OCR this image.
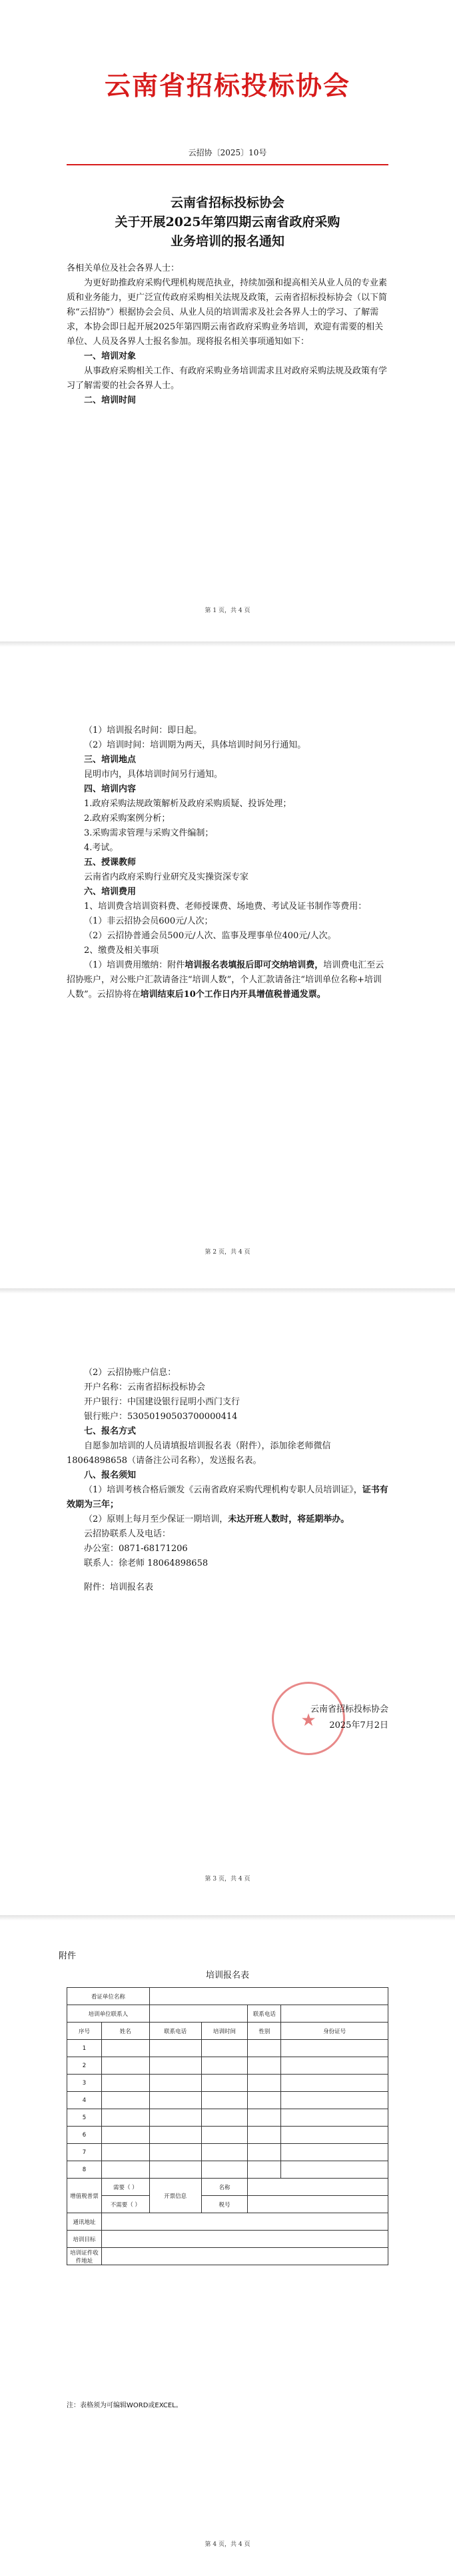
云南省招标投标协会
云招协〔2025〕10号
云南省招标投标协会
关于开展2025年第四期云南省政府采购
业务培训的报名通知

各相关单位及社会各界人士：

为更好助推政府采购代理机构规范执业，持续加强和提高相关从业人员的专业素质和业务能力，更广泛宣传政府采购相关法规及政策，云南省招标投标协会（以下简称“云招协”）根据协会会员、从业人员的培训需求及社会各界人士的学习、了解需求，本协会即日起开展2025年第四期云南省政府采购业务培训，欢迎有需要的相关单位、人员及各界人士报名参加。现将报名相关事项通知如下：

一、培训对象

从事政府采购相关工作、有政府采购业务培训需求且对政府采购法规及政策有学习了解需要的社会各界人士。

二、培训时间

第 1 页，共 4 页

（1）培训报名时间：即日起。

（2）培训时间：培训期为两天，具体培训时间另行通知。

三、培训地点

昆明市内，具体培训时间另行通知。

四、培训内容

1.政府采购法规政策解析及政府采购质疑、投诉处理；

2.政府采购案例分析；

3.采购需求管理与采购文件编制；

4.考试。

五、授课教师

云南省内政府采购行业研究及实操资深专家

六、培训费用

1、培训费含培训资料费、老师授课费、场地费、考试及证书制作等费用：

（1）非云招协会员600元/人次；

（2）云招协普通会员500元/人次、监事及理事单位400元/人次。

2、缴费及相关事项

（1）培训费用缴纳：附件培训报名表填报后即可交纳培训费，培训费电汇至云招协账户，对公账户汇款请备注“培训人数”，个人汇款请备注“培训单位名称+培训人数”。云招协将在培训结束后10个工作日内开具增值税普通发票。

第 2 页，共 4 页

（2）云招协账户信息：

开户名称：云南省招标投标协会

开户银行：中国建设银行昆明小西门支行

银行账户：53050190503700000414

七、报名方式

自愿参加培训的人员请填报培训报名表（附件），添加徐老师微信18064898658（请备注公司名称），发送报名表。

八、报名须知

（1）培训考核合格后颁发《云南省政府采购代理机构专职人员培训证》，证书有效期为三年；

（2）原则上每月至少保证一期培训，未达开班人数时，将延期举办。

云招协联系人及电话：

办公室：0871-68171206

联系人：徐老师 18064898658

附件：培训报名表

★
云南省招标投标协会
2025年7月2日
第 3 页，共 4 页
附件
培训报名表
看证单位名称					
培训单位联系人				联系电话	
序号	姓名	联系电话	培训时间	性别	身份证号
1					
2					
3					
4					
5					
6					
7					
8					
增值税普票	需要（ ）	开票信息	名称		
	不需要（ ）		税号		
通讯地址					
培训目标					
培训证件收件地址					
注：表格须为可编辑WORD或EXCEL。
第 4 页，共 4 页
